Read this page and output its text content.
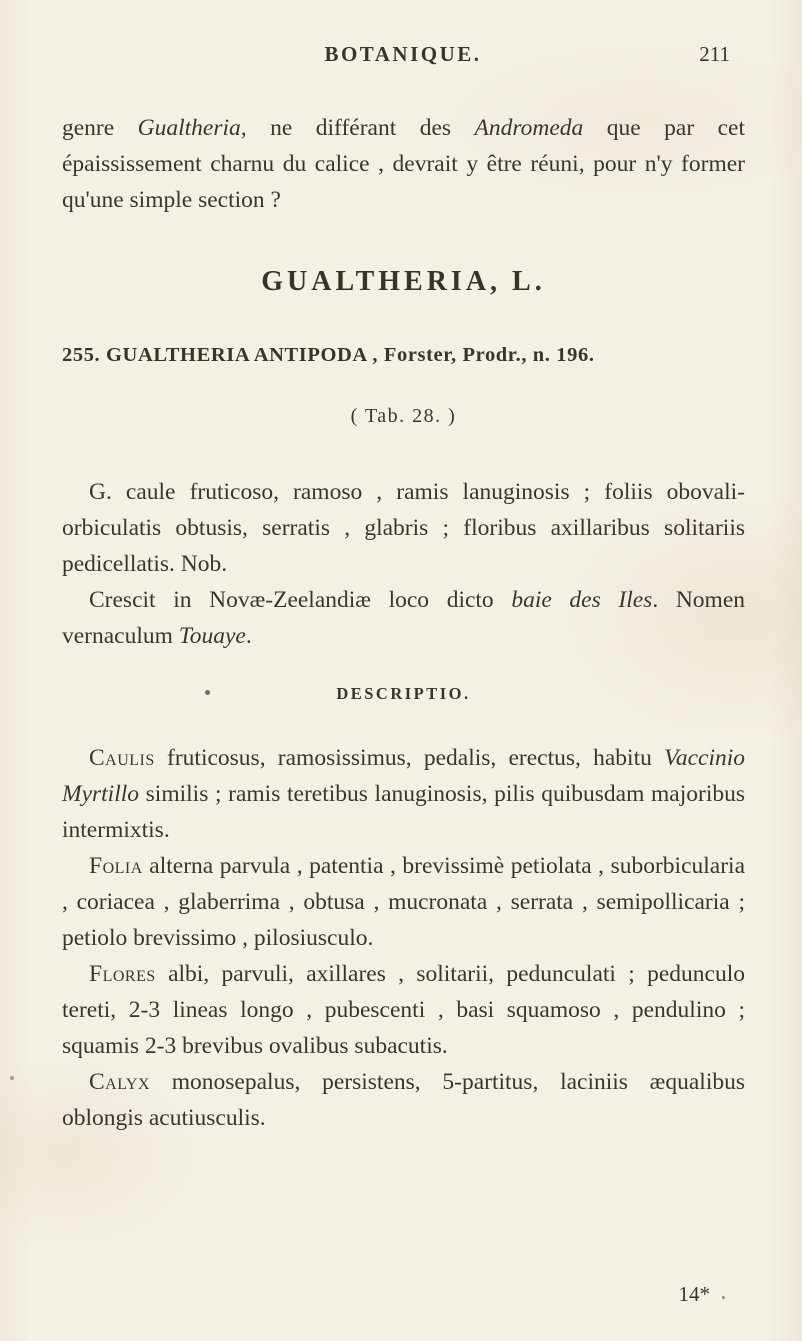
BOTANIQUE.	211

genre Gualtheria, ne différant des Andromeda que par cet épaississement charnu du calice , devrait y être réuni, pour n'y former qu'une simple section ?

GUALTHERIA, L.

255. GUALTHERIA ANTIPODA , Forster, Prodr., n. 196.

( Tab. 28. )

G. caule fruticoso, ramoso , ramis lanuginosis ; foliis obovali-orbiculatis obtusis, serratis , glabris ; floribus axillaribus solitariis pedicellatis. Nob.

Crescit in Novæ-Zeelandiæ loco dicto baie des Iles. Nomen vernaculum Touaye.

DESCRIPTIO.

Caulis fruticosus, ramosissimus, pedalis, erectus, habitu Vaccinio Myrtillo similis ; ramis teretibus lanuginosis, pilis quibusdam majoribus intermixtis.

Folia alterna parvula , patentia , brevissimè petiolata , suborbicularia , coriacea , glaberrima , obtusa , mucronata , serrata , semipollicaria ; petiolo brevissimo , pilosiusculo.

Flores albi, parvuli, axillares , solitarii, pedunculati ; pedunculo tereti, 2-3 lineas longo , pubescenti , basi squamoso , pendulino ; squamis 2-3 brevibus ovalibus subacutis.

Calyx monosepalus, persistens, 5-partitus, laciniis æqualibus oblongis acutiusculis.

14*
